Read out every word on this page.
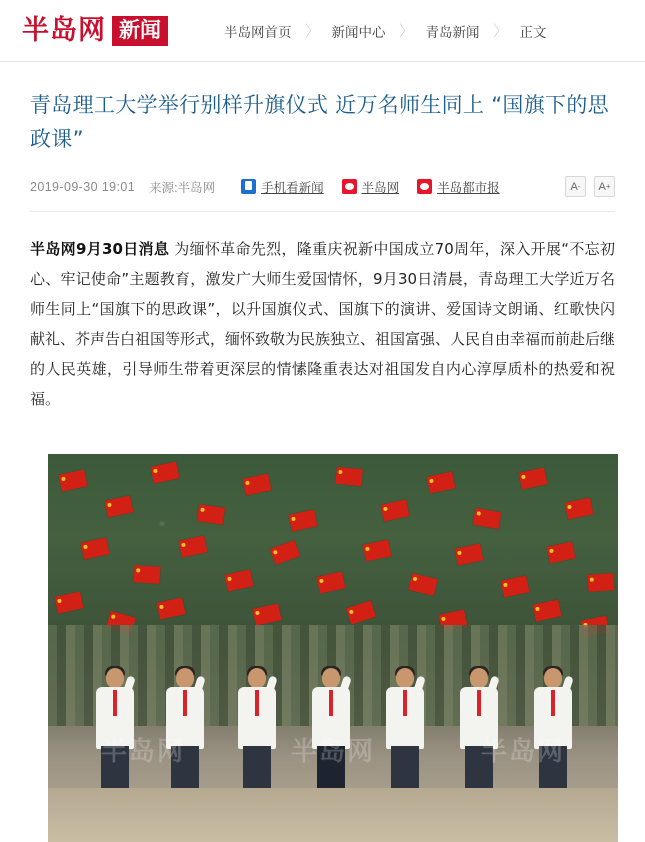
半岛网 新闻	半岛网首页 〉 新闻中心 〉 青岛新闻 〉 正文
青岛理工大学举行别样升旗仪式 近万名师生同上 “国旗下的思政课”
2019-09-30 19:01 来源:半岛网	手机看新闻	半岛网	半岛都市报	A - A +
半岛网9月30日消息 为缅怀革命先烈，隆重庆祝新中国成立70周年，深入开展“不忘初心、牢记使命”主题教育，激发广大师生爱国情怀，9月30日清晨，青岛理工大学近万名师生同上“国旗下的思政课”，以升国旗仪式、国旗下的演讲、爱国诗文朗诵、红歌快闪献礼、芥声告白祖国等形式，缅怀致敬为民族独立、祖国富强、人民自由幸福而前赴后继的人民英雄，引导师生带着更深层的情愫隆重表达对祖国发自内心淳厚质朴的热爱和祝福。
半岛网	半岛网	半岛网
